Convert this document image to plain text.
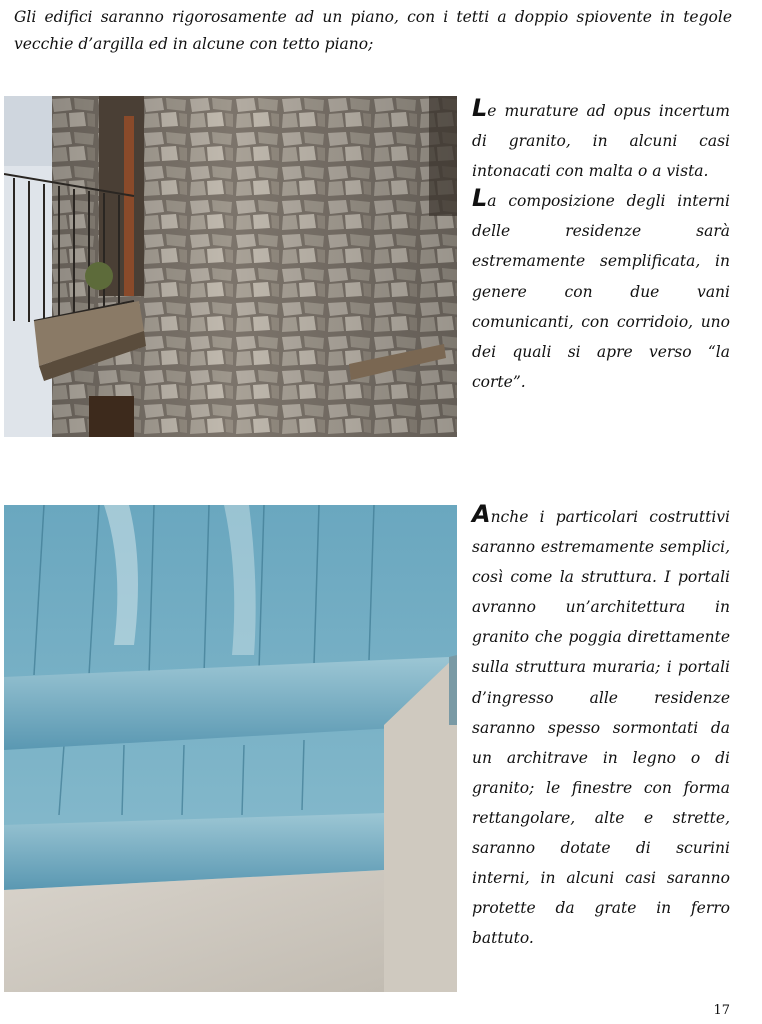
Gli edifici saranno rigorosamente ad un piano, con i tetti a doppio spiovente in tegole vecchie d’argilla ed in alcune con tetto piano;

Le murature ad opus incertum di granito, in alcuni casi intonacati con malta o a vista.

La composizione degli interni delle residenze sarà estremamente semplificata, in genere con due vani comunicanti, con corridoio, uno dei quali si apre verso “la corte”.

Anche i particolari costruttivi saranno estremamente semplici, così come la struttura. I portali avranno un’architettura in granito che poggia direttamente sulla struttura muraria; i portali d’ingresso alle residenze saranno spesso sormontati da un architrave in legno o di granito; le finestre con forma rettangolare, alte e strette, saranno dotate di scurini interni, in alcuni casi saranno protette da grate in ferro battuto.

17
